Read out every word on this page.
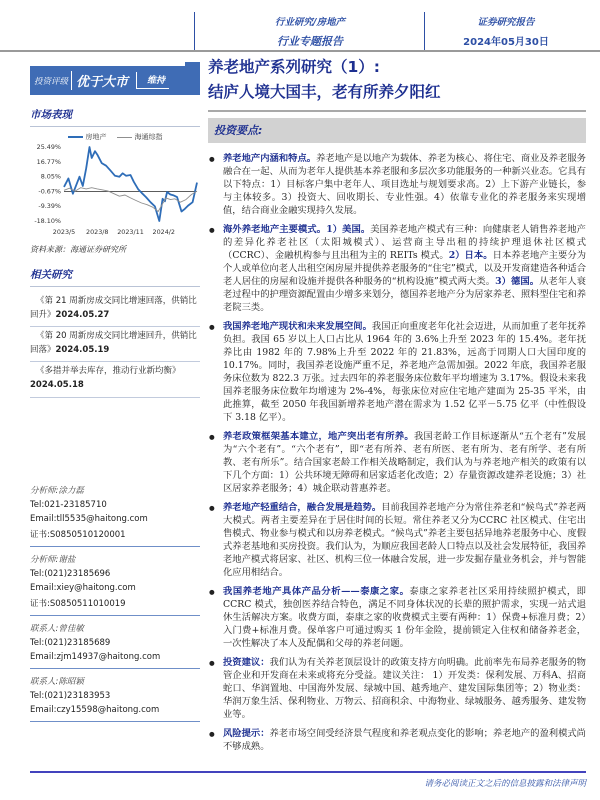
行业研究/房地产
行业专题报告
证券研究报告
2024年05月30日
养老地产系列研究（1）:
结庐人境大国丰，老有所养夕阳红
投资评级 优于大市	维持
市场表现
房地产	海通综指
25.49%
16.77%
8.05%
-0.67%
-9.39%
-18.10%
2023/5 2023/8 2023/11 2024/2
资料来源：海通证券研究所
相关研究
《第 21 周新房成交同比增速回落，供销比回升》2024.05.27
《第 20 周新房成交同比增速回升，供销比回落》2024.05.19
《多措并举去库存，推动行业新均衡》2024.05.18
分析师:涂力磊
Tel:021-23185710
Email:tll5535@haitong.com
证书:S0850510120001
分析师:谢盐
Tel:(021)23185696
Email:xiey@haitong.com
证书:S0850511010019
联系人:曾佳敏
Tel:(021)23185689
Email:zjm14937@haitong.com
联系人:陈昭颖
Tel:(021)23183953
Email:czy15598@haitong.com
投资要点:
● 养老地产内涵和特点。养老地产是以地产为载体、养老为核心、将住宅、商业及养老服务融合在一起、从而为老年人提供基本养老服和多层次多功能服务的一种新兴业态。它具有以下特点：1）目标客户集中老年人、项目选址与规划要求高。2）上下游产业链长，参与主体较多。3）投资大、回收期长、专业性强。4）依靠专业化的养老服务来实现增值，结合商业金融实现持久发展。
● 海外养老地产主要模式。1）美国。美国养老地产模式有三种：向健康老人销售养老地产的差异化养老社区（太阳城模式）、运营商主导出租的持续护理退休社区模式（CCRC）、金融机构参与且出租为主的 REITs 模式。2）日本。日本养老地产主要分为个人或单位向老人出租空闲房屋并提供养老服务的“住宅”模式，以及开发商建造各种适合老人居住的房屋和设施并提供各种服务的“机构设施”模式两大类。3）德国。从老年人衰老过程中的护理资源配置由少增多来划分，德国养老地产分为居家养老、照料型住宅和养老院三类。
● 我国养老地产现状和未来发展空间。我国正向重度老年化社会迈进，从而加重了老年抚养负担。我国 65 岁以上人口占比从 1964 年的 3.6%上升至 2023 年的 15.4%。老年抚养比由 1982 年的 7.98%上升至 2022 年的 21.83%，远高于同期人口大国印度的 10.17%。同时，我国养老设施严重不足，养老地产急需加强。2022 年底，我国养老服务床位数为 822.3 万张。过去四年的养老服务床位数年平均增速为 3.17%。假设未来我国养老服务床位数年均增速为 2%-4%，每张床位对应住宅地产建面为 25-35 平米，由此推算，截至 2050 年我国新增养老地产潜在需求为 1.52 亿平－5.75 亿平（中性假设下 3.18 亿平）。
● 养老政策框架基本建立，地产突出老有所养。我国老龄工作目标逐渐从“五个老有”发展为“六个老有”。“六个老有”，即“老有所养、老有所医、老有所为、老有所学、老有所教、老有所乐”。结合国家老龄工作相关战略制定，我们认为与养老地产相关的政策有以下几个方面：1）公共环境无障碍和居家适老化改造；2）存量资源改建养老设施；3）社区居家养老服务；4）城企联动普惠养老。
● 养老地产轻重结合，融合发展是趋势。目前我国养老地产分为常住养老和“候鸟式”养老两大模式。两者主要差异在于居住时间的长短。常住养老又分为CCRC 社区模式、住宅出售模式、物业参与模式和以房养老模式。“候鸟式”养老主要包括异地养老服务中心、度假式养老基地和买房投资。我们认为，为顺应我国老龄人口特点以及社会发展特征，我国养老地产模式将居家、社区、机构三位一体融合发展，进一步发掘存量业务机会，并与智能化应用相结合。
● 我国养老地产具体产品分析——泰康之家。泰康之家养老社区采用持续照护模式，即 CCRC 模式，独创医养结合特色，满足不同身体状况的长辈的照护需求，实现一站式退休生活解决方案。收费方面，泰康之家的收费模式主要有两种：1）保费+标准月费；2）入门费+标准月费。保单客户可通过购买 1 份年金险，提前锁定入住权和储备养老金，一次性解决了本人及配偶和父母的养老问题。
● 投资建议：我们认为有关养老顶层设计的政策支持方向明确。此前率先布局养老服务的物管企业和开发商在未来或将充分受益。建议关注： 1）开发类：保利发展、万科A、招商蛇口、华润置地、中国海外发展、绿城中国、越秀地产、建发国际集团等；2）物业类：华润万象生活、保利物业、万物云、招商积余、中海物业、绿城服务、越秀服务、建发物业等。
● 风险提示：养老市场空间受经济景气程度和养老观点变化的影响；养老地产的盈利模式尚不够成熟。
请务必阅读正文之后的信息披露和法律声明
